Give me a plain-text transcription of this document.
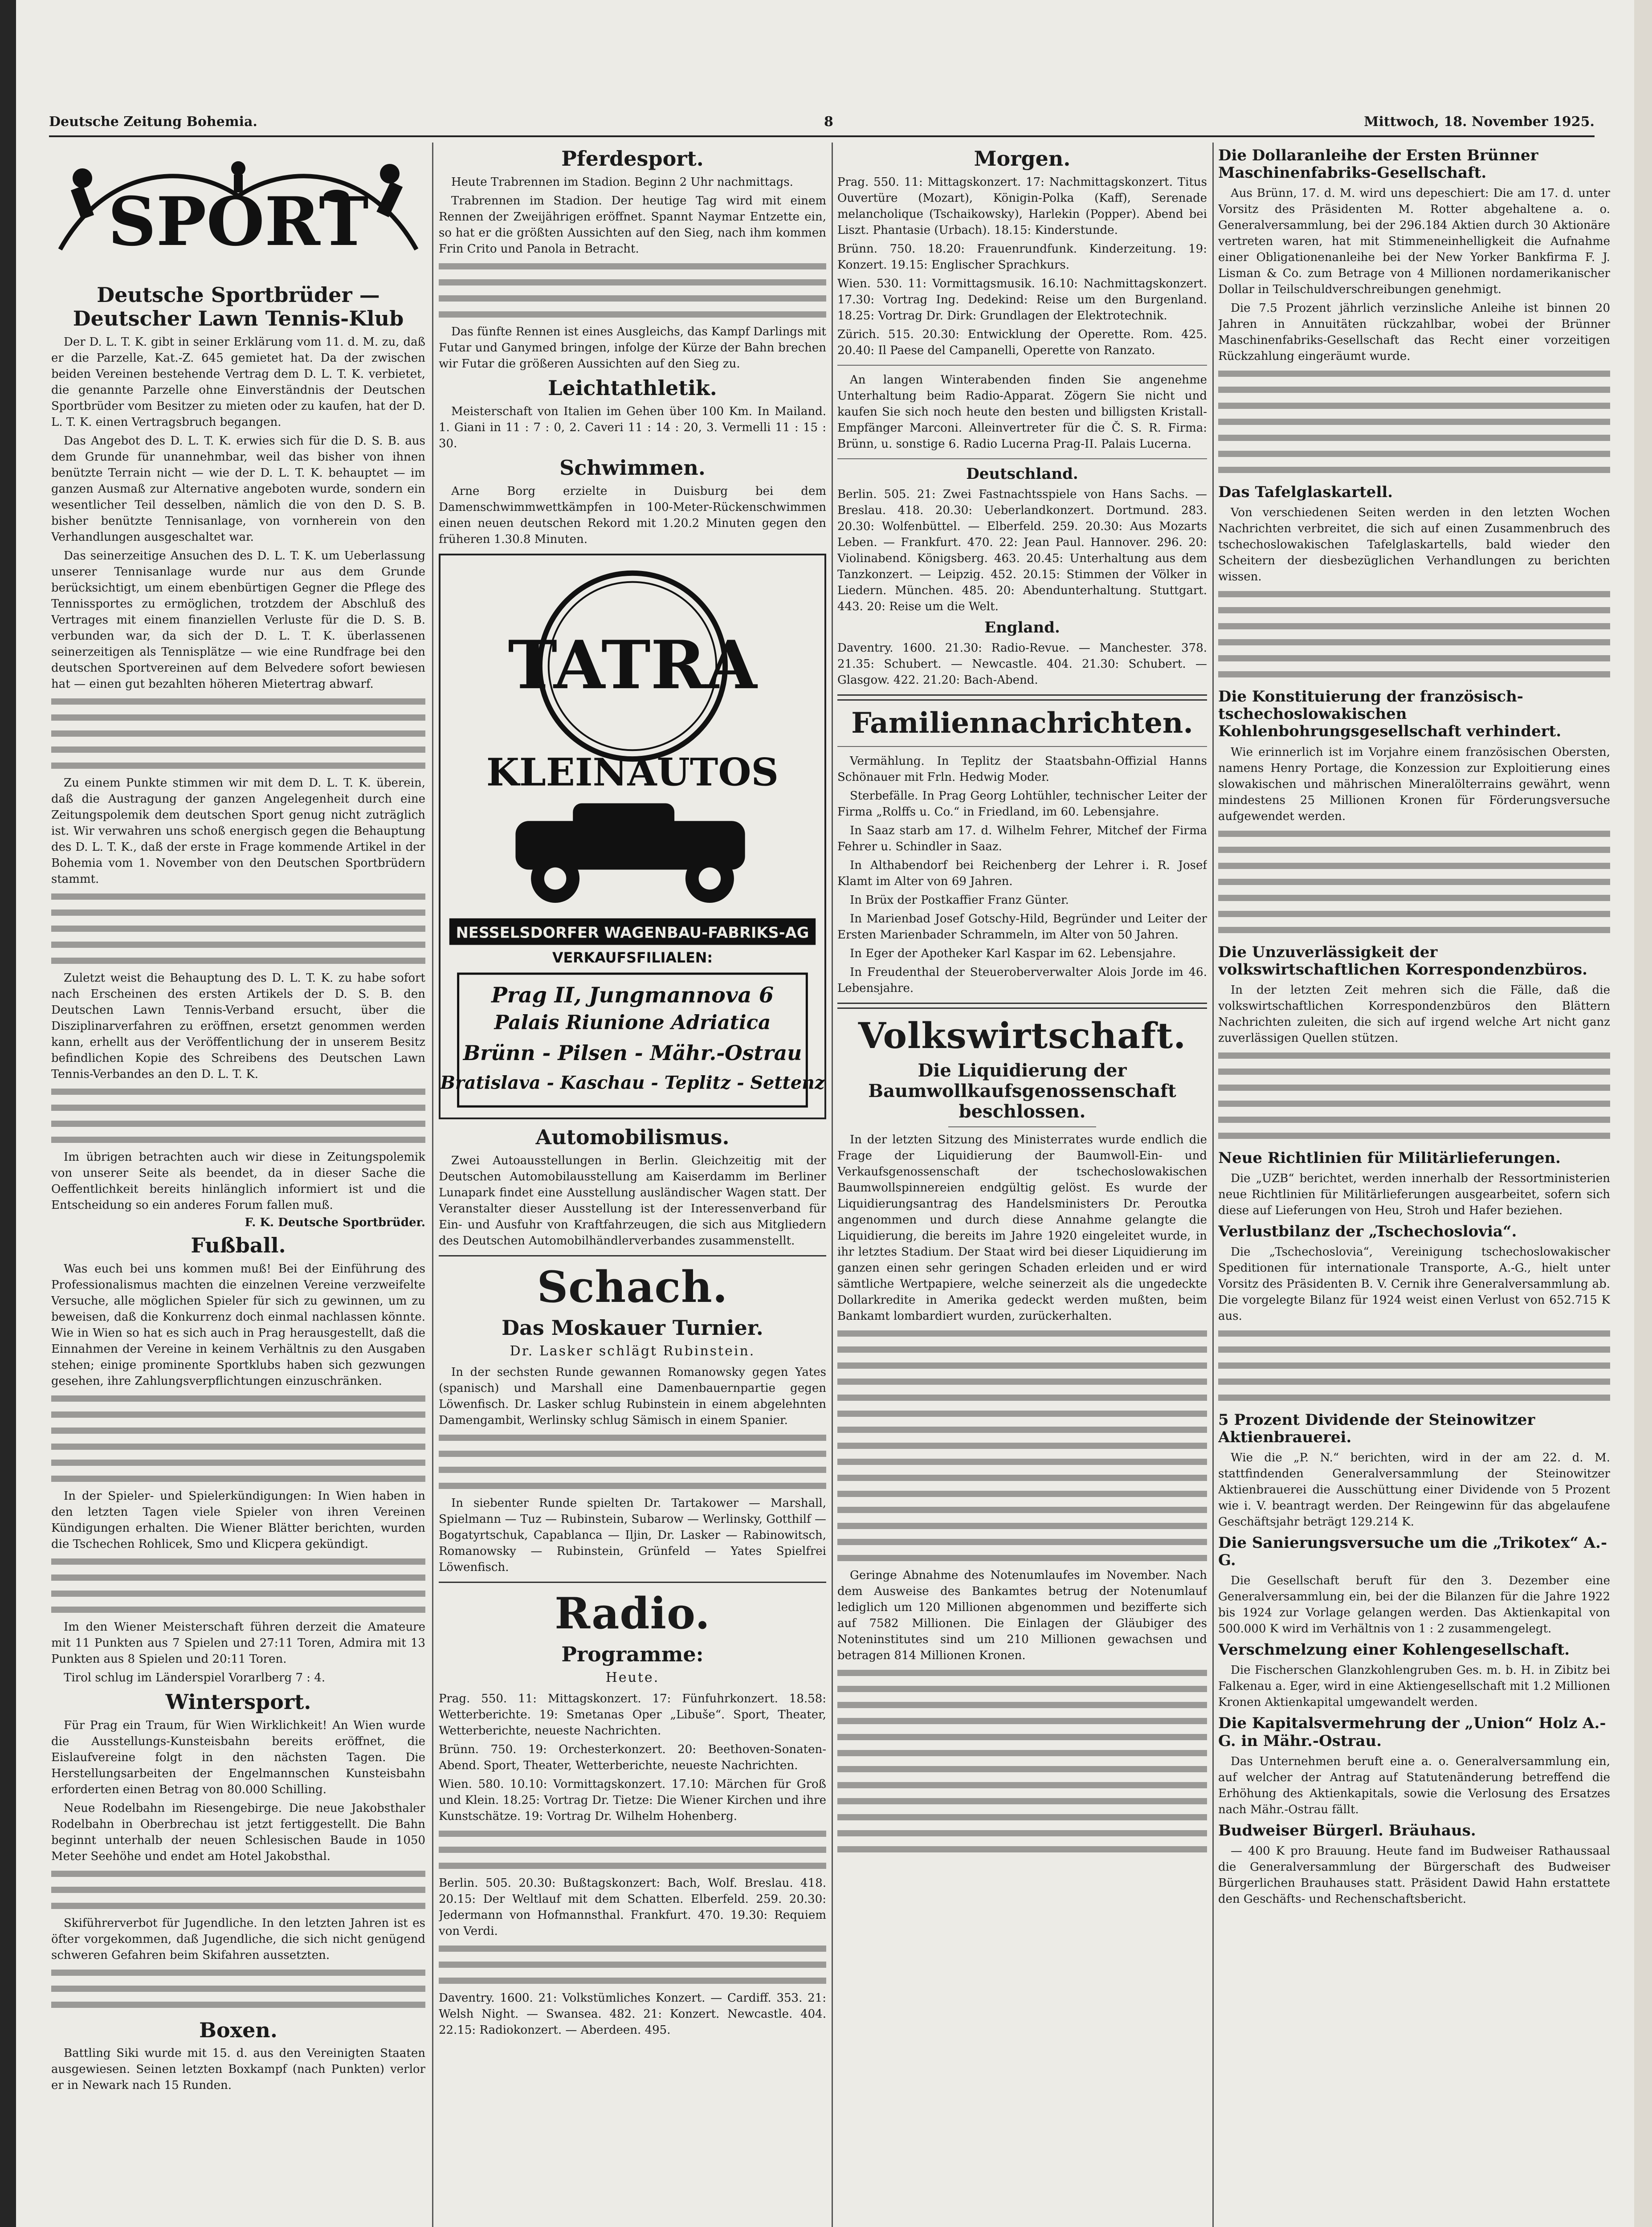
Deutsche Zeitung Bohemia.	8	Mittwoch, 18. November 1925.
SPORT
Deutsche Sportbrüder — Deutscher Lawn Tennis-Klub

Der D. L. T. K. gibt in seiner Erklärung vom 11. d. M. zu, daß er die Parzelle, Kat.-Z. 645 gemietet hat. Da der zwischen beiden Vereinen bestehende Vertrag dem D. L. T. K. verbietet, die genannte Parzelle ohne Einverständnis der Deutschen Sportbrüder vom Besitzer zu mieten oder zu kaufen, hat der D. L. T. K. einen Vertragsbruch begangen.

Das Angebot des D. L. T. K. erwies sich für die D. S. B. aus dem Grunde für unannehmbar, weil das bisher von ihnen benützte Terrain nicht — wie der D. L. T. K. behauptet — im ganzen Ausmaß zur Alternative angeboten wurde, sondern ein wesentlicher Teil desselben, nämlich die von den D. S. B. bisher benützte Tennisanlage, von vornherein von den Verhandlungen ausgeschaltet war.

Das seinerzeitige Ansuchen des D. L. T. K. um Ueberlassung unserer Tennisanlage wurde nur aus dem Grunde berücksichtigt, um einem ebenbürtigen Gegner die Pflege des Tennissportes zu ermöglichen, trotzdem der Abschluß des Vertrages mit einem finanziellen Verluste für die D. S. B. verbunden war, da sich der D. L. T. K. überlassenen seinerzeitigen als Tennisplätze — wie eine Rundfrage bei den deutschen Sportvereinen auf dem Belvedere sofort bewiesen hat — einen gut bezahlten höheren Mietertrag abwarf.

Zu einem Punkte stimmen wir mit dem D. L. T. K. überein, daß die Austragung der ganzen Angelegenheit durch eine Zeitungspolemik dem deutschen Sport genug nicht zuträglich ist. Wir verwahren uns schoß energisch gegen die Behauptung des D. L. T. K., daß der erste in Frage kommende Artikel in der Bohemia vom 1. November von den Deutschen Sportbrüdern stammt.

Zuletzt weist die Behauptung des D. L. T. K. zu habe sofort nach Erscheinen des ersten Artikels der D. S. B. den Deutschen Lawn Tennis-Verband ersucht, über die Disziplinarverfahren zu eröffnen, ersetzt genommen werden kann, erhellt aus der Veröffentlichung der in unserem Besitz befindlichen Kopie des Schreibens des Deutschen Lawn Tennis-Verbandes an den D. L. T. K.

Im übrigen betrachten auch wir diese in Zeitungspolemik von unserer Seite als beendet, da in dieser Sache die Oeffentlichkeit bereits hinlänglich informiert ist und die Entscheidung so ein anderes Forum fallen muß.

F. K. Deutsche Sportbrüder.
Fußball.

Was euch bei uns kommen muß! Bei der Einführung des Professionalismus machten die einzelnen Vereine verzweifelte Versuche, alle möglichen Spieler für sich zu gewinnen, um zu beweisen, daß die Konkurrenz doch einmal nachlassen könnte. Wie in Wien so hat es sich auch in Prag herausgestellt, daß die Einnahmen der Vereine in keinem Verhältnis zu den Ausgaben stehen; einige prominente Sportklubs haben sich gezwungen gesehen, ihre Zahlungsverpflichtungen einzuschränken.

In der Spieler- und Spielerkündigungen: In Wien haben in den letzten Tagen viele Spieler von ihren Vereinen Kündigungen erhalten. Die Wiener Blätter berichten, wurden die Tschechen Rohlicek, Smo und Klicpera gekündigt.

Im den Wiener Meisterschaft führen derzeit die Amateure mit 11 Punkten aus 7 Spielen und 27:11 Toren, Admira mit 13 Punkten aus 8 Spielen und 20:11 Toren.

Tirol schlug im Länderspiel Vorarlberg 7 : 4.

Wintersport.

Für Prag ein Traum, für Wien Wirklichkeit! An Wien wurde die Ausstellungs-Kunsteisbahn bereits eröffnet, die Eislaufvereine folgt in den nächsten Tagen. Die Herstellungsarbeiten der Engelmannschen Kunsteisbahn erforderten einen Betrag von 80.000 Schilling.

Neue Rodelbahn im Riesengebirge. Die neue Jakobsthaler Rodelbahn in Oberbrechau ist jetzt fertiggestellt. Die Bahn beginnt unterhalb der neuen Schlesischen Baude in 1050 Meter Seehöhe und endet am Hotel Jakobsthal.

Skiführerverbot für Jugendliche. In den letzten Jahren ist es öfter vorgekommen, daß Jugendliche, die sich nicht genügend schweren Gefahren beim Skifahren aussetzten.

Boxen.

Battling Siki wurde mit 15. d. aus den Vereinigten Staaten ausgewiesen. Seinen letzten Boxkampf (nach Punkten) verlor er in Newark nach 15 Runden.

Pferdesport.

Heute Trabrennen im Stadion. Beginn 2 Uhr nachmittags.

Trabrennen im Stadion. Der heutige Tag wird mit einem Rennen der Zweijährigen eröffnet. Spannt Naymar Entzette ein, so hat er die größten Aussichten auf den Sieg, nach ihm kommen Frin Crito und Panola in Betracht.

Das fünfte Rennen ist eines Ausgleichs, das Kampf Darlings mit Futar und Ganymed bringen, infolge der Kürze der Bahn brechen wir Futar die größeren Aussichten auf den Sieg zu.

Leichtathletik.

Meisterschaft von Italien im Gehen über 100 Km. In Mailand. 1. Giani in 11 : 7 : 0, 2. Caveri 11 : 14 : 20, 3. Vermelli 11 : 15 : 30.

Schwimmen.

Arne Borg erzielte in Duisburg bei dem Damenschwimmwettkämpfen in 100-Meter-Rückenschwimmen einen neuen deutschen Rekord mit 1.20.2 Minuten gegen den früheren 1.30.8 Minuten.

TATRA
KLEINAUTOS
NESSELSDORFER WAGENBAU-FABRIKS-AG
VERKAUFSFILIALEN:
Prag II, Jungmannova 6
Palais Riunione Adriatica
Brünn - Pilsen - Mähr.-Ostrau
Bratislava - Kaschau - Teplitz - Settenz
Automobilismus.

Zwei Autoausstellungen in Berlin. Gleichzeitig mit der Deutschen Automobilausstellung am Kaiserdamm im Berliner Lunapark findet eine Ausstellung ausländischer Wagen statt. Der Veranstalter dieser Ausstellung ist der Interessenverband für Ein- und Ausfuhr von Kraftfahrzeugen, die sich aus Mitgliedern des Deutschen Automobilhändlerverbandes zusammenstellt.

Schach.
Das Moskauer Turnier.
Dr. Lasker schlägt Rubinstein.

In der sechsten Runde gewannen Romanowsky gegen Yates (spanisch) und Marshall eine Damenbauernpartie gegen Löwenfisch. Dr. Lasker schlug Rubinstein in einem abgelehnten Damengambit, Werlinsky schlug Sämisch in einem Spanier.

In siebenter Runde spielten Dr. Tartakower — Marshall, Spielmann — Tuz — Rubinstein, Subarow — Werlinsky, Gotthilf — Bogatyrtschuk, Capablanca — Iljin, Dr. Lasker — Rabinowitsch, Romanowsky — Rubinstein, Grünfeld — Yates Spielfrei Löwenfisch.

Radio.
Programme:
Heute.

Prag. 550. 11: Mittagskonzert. 17: Fünfuhrkonzert. 18.58: Wetterberichte. 19: Smetanas Oper „Libuše“. Sport, Theater, Wetterberichte, neueste Nachrichten.

Brünn. 750. 19: Orchesterkonzert. 20: Beethoven-Sonaten-Abend. Sport, Theater, Wetterberichte, neueste Nachrichten.

Wien. 580. 10.10: Vormittagskonzert. 17.10: Märchen für Groß und Klein. 18.25: Vortrag Dr. Tietze: Die Wiener Kirchen und ihre Kunstschätze. 19: Vortrag Dr. Wilhelm Hohenberg.

Berlin. 505. 20.30: Bußtagskonzert: Bach, Wolf. Breslau. 418. 20.15: Der Weltlauf mit dem Schatten. Elberfeld. 259. 20.30: Jedermann von Hofmannsthal. Frankfurt. 470. 19.30: Requiem von Verdi.

Daventry. 1600. 21: Volkstümliches Konzert. — Cardiff. 353. 21: Welsh Night. — Swansea. 482. 21: Konzert. Newcastle. 404. 22.15: Radiokonzert. — Aberdeen. 495.

Morgen.

Prag. 550. 11: Mittagskonzert. 17: Nachmittagskonzert. Titus Ouvertüre (Mozart), Königin-Polka (Kaff), Serenade melancholique (Tschaikowsky), Harlekin (Popper). Abend bei Liszt. Phantasie (Urbach). 18.15: Kinderstunde.

Brünn. 750. 18.20: Frauenrundfunk. Kinderzeitung. 19: Konzert. 19.15: Englischer Sprachkurs.

Wien. 530. 11: Vormittagsmusik. 16.10: Nachmittagskonzert. 17.30: Vortrag Ing. Dedekind: Reise um den Burgenland. 18.25: Vortrag Dr. Dirk: Grundlagen der Elektrotechnik.

Zürich. 515. 20.30: Entwicklung der Operette. Rom. 425. 20.40: Il Paese del Campanelli, Operette von Ranzato.

An langen Winterabenden finden Sie angenehme Unterhaltung beim Radio-Apparat. Zögern Sie nicht und kaufen Sie sich noch heute den besten und billigsten Kristall-Empfänger Marconi. Alleinvertreter für die Č. S. R. Firma: Brünn, u. sonstige 6. Radio Lucerna Prag-II. Palais Lucerna.

Deutschland.

Berlin. 505. 21: Zwei Fastnachtsspiele von Hans Sachs. — Breslau. 418. 20.30: Ueberlandkonzert. Dortmund. 283. 20.30: Wolfenbüttel. — Elberfeld. 259. 20.30: Aus Mozarts Leben. — Frankfurt. 470. 22: Jean Paul. Hannover. 296. 20: Violinabend. Königsberg. 463. 20.45: Unterhaltung aus dem Tanzkonzert. — Leipzig. 452. 20.15: Stimmen der Völker in Liedern. München. 485. 20: Abendunterhaltung. Stuttgart. 443. 20: Reise um die Welt.

England.

Daventry. 1600. 21.30: Radio-Revue. — Manchester. 378. 21.35: Schubert. — Newcastle. 404. 21.30: Schubert. — Glasgow. 422. 21.20: Bach-Abend.

Familiennachrichten.

Vermählung. In Teplitz der Staatsbahn-Offizial Hanns Schönauer mit Frln. Hedwig Moder.

Sterbefälle. In Prag Georg Lohtühler, technischer Leiter der Firma „Rolffs u. Co.“ in Friedland, im 60. Lebensjahre.

In Saaz starb am 17. d. Wilhelm Fehrer, Mitchef der Firma Fehrer u. Schindler in Saaz.

In Althabendorf bei Reichenberg der Lehrer i. R. Josef Klamt im Alter von 69 Jahren.

In Brüx der Postkaffier Franz Günter.

In Marienbad Josef Gotschy-Hild, Begründer und Leiter der Ersten Marienbader Schrammeln, im Alter von 50 Jahren.

In Eger der Apotheker Karl Kaspar im 62. Lebensjahre.

In Freudenthal der Steueroberverwalter Alois Jorde im 46. Lebensjahre.

Volkswirtschaft.
Die Liquidierung der Baumwollkaufsgenossenschaft beschlossen.

In der letzten Sitzung des Ministerrates wurde endlich die Frage der Liquidierung der Baumwoll-Ein- und Verkaufsgenossenschaft der tschechoslowakischen Baumwollspinnereien endgültig gelöst. Es wurde der Liquidierungsantrag des Handelsministers Dr. Peroutka angenommen und durch diese Annahme gelangte die Liquidierung, die bereits im Jahre 1920 eingeleitet wurde, in ihr letztes Stadium. Der Staat wird bei dieser Liquidierung im ganzen einen sehr geringen Schaden erleiden und er wird sämtliche Wertpapiere, welche seinerzeit als die ungedeckte Dollarkredite in Amerika gedeckt werden mußten, beim Bankamt lombardiert wurden, zurückerhalten.

Geringe Abnahme des Notenumlaufes im November. Nach dem Ausweise des Bankamtes betrug der Notenumlauf lediglich um 120 Millionen abgenommen und bezifferte sich auf 7582 Millionen. Die Einlagen der Gläubiger des Noteninstitutes sind um 210 Millionen gewachsen und betragen 814 Millionen Kronen.

Die Dollaranleihe der Ersten Brünner Maschinenfabriks-Gesellschaft.

Aus Brünn, 17. d. M. wird uns depeschiert: Die am 17. d. unter Vorsitz des Präsidenten M. Rotter abgehaltene a. o. Generalversammlung, bei der 296.184 Aktien durch 30 Aktionäre vertreten waren, hat mit Stimmeneinhelligkeit die Aufnahme einer Obligationenanleihe bei der New Yorker Bankfirma F. J. Lisman & Co. zum Betrage von 4 Millionen nordamerikanischer Dollar in Teilschuldverschreibungen genehmigt.

Die 7.5 Prozent jährlich verzinsliche Anleihe ist binnen 20 Jahren in Annuitäten rückzahlbar, wobei der Brünner Maschinenfabriks-Gesellschaft das Recht einer vorzeitigen Rückzahlung eingeräumt wurde.

Das Tafelglaskartell.

Von verschiedenen Seiten werden in den letzten Wochen Nachrichten verbreitet, die sich auf einen Zusammenbruch des tschechoslowakischen Tafelglaskartells, bald wieder den Scheitern der diesbezüglichen Verhandlungen zu berichten wissen.

Die Konstituierung der französisch-tschechoslowakischen Kohlenbohrungsgesellschaft verhindert.

Wie erinnerlich ist im Vorjahre einem französischen Obersten, namens Henry Portage, die Konzession zur Exploitierung eines slowakischen und mährischen Mineralölterrains gewährt, wenn mindestens 25 Millionen Kronen für Förderungsversuche aufgewendet werden.

Die Unzuverlässigkeit der volkswirtschaftlichen Korrespondenzbüros.

In der letzten Zeit mehren sich die Fälle, daß die volkswirtschaftlichen Korrespondenzbüros den Blättern Nachrichten zuleiten, die sich auf irgend welche Art nicht ganz zuverlässigen Quellen stützen.

Neue Richtlinien für Militärlieferungen.

Die „UZB“ berichtet, werden innerhalb der Ressortministerien neue Richtlinien für Militärlieferungen ausgearbeitet, sofern sich diese auf Lieferungen von Heu, Stroh und Hafer beziehen.

Verlustbilanz der „Tschechoslovia“.

Die „Tschechoslovia“, Vereinigung tschechoslowakischer Speditionen für internationale Transporte, A.-G., hielt unter Vorsitz des Präsidenten B. V. Cernik ihre Generalversammlung ab. Die vorgelegte Bilanz für 1924 weist einen Verlust von 652.715 K aus.

5 Prozent Dividende der Steinowitzer Aktienbrauerei.

Wie die „P. N.“ berichten, wird in der am 22. d. M. stattfindenden Generalversammlung der Steinowitzer Aktienbrauerei die Ausschüttung einer Dividende von 5 Prozent wie i. V. beantragt werden. Der Reingewinn für das abgelaufene Geschäftsjahr beträgt 129.214 K.

Die Sanierungsversuche um die „Trikotex“ A.-G.

Die Gesellschaft beruft für den 3. Dezember eine Generalversammlung ein, bei der die Bilanzen für die Jahre 1922 bis 1924 zur Vorlage gelangen werden. Das Aktienkapital von 500.000 K wird im Verhältnis von 1 : 2 zusammengelegt.

Verschmelzung einer Kohlengesellschaft.

Die Fischerschen Glanzkohlengruben Ges. m. b. H. in Zibitz bei Falkenau a. Eger, wird in eine Aktiengesellschaft mit 1.2 Millionen Kronen Aktienkapital umgewandelt werden.

Die Kapitalsvermehrung der „Union“ Holz A.-G. in Mähr.-Ostrau.

Das Unternehmen beruft eine a. o. Generalversammlung ein, auf welcher der Antrag auf Statutenänderung betreffend die Erhöhung des Aktienkapitals, sowie die Verlosung des Ersatzes nach Mähr.-Ostrau fällt.

Budweiser Bürgerl. Bräuhaus.

— 400 K pro Brauung. Heute fand im Budweiser Rathaussaal die Generalversammlung der Bürgerschaft des Budweiser Bürgerlichen Brauhauses statt. Präsident Dawid Hahn erstattete den Geschäfts- und Rechenschaftsbericht.
